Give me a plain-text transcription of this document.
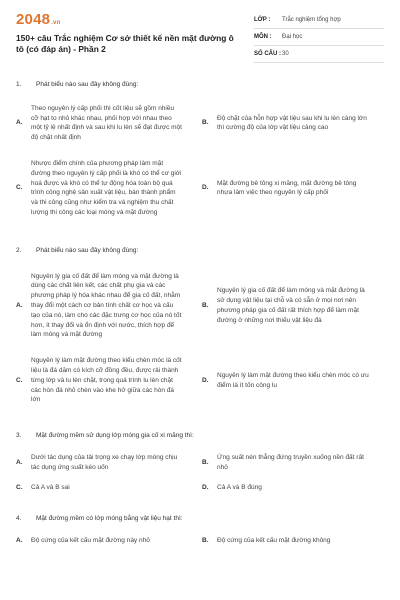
2048.vn
150+ câu Trắc nghiệm Cơ sở thiết kế nền mặt đường ô tô (có đáp án) - Phần 2
LỚP :	Trắc nghiệm tổng hợp
MÔN :	Đại học
SỐ CÂU : 30
1.	Phát biểu nào sau đây không đúng:
A.
Theo nguyên lý cấp phối thì cốt liệu sẽ gồm nhiều cỡ hạt to nhỏ khác nhau, phối hợp với nhau theo một tỷ lệ nhất định và sau khi lu lèn sẽ đạt được một độ chặt nhất định
B.
Độ chặt của hỗn hợp vật liệu sau khi lu lèn càng lớn thì cường độ của lớp vật liệu càng cao
C.
Nhược điểm chính của phương pháp làm mặt đường theo nguyên lý cấp phối là khó có thể cơ giới hoá được và khó có thể tự động hóa toàn bộ quá trình công nghệ sản xuất vật liệu, bán thành phẩm và thi công cũng như kiểm tra và nghiệm thu chất lượng thi công các loại móng và mặt đường
D.
Mặt đường bê tông xi măng, mặt đường bê tông nhựa làm việc theo nguyên lý cấp phối
2.	Phát biểu nào sau đây không đúng:
A.
Nguyên lý gia cố đất để làm móng và mặt đường là dùng các chất liên kết, các chất phụ gia và các phương pháp lý hóa khác nhau để gia cố đất, nhằm thay đổi một cách cơ bản tính chất cơ học và cấu tạo của nó, làm cho các đặc trưng cơ học của nó tốt hơn, ít thay đổi và ổn định với nước, thích hợp để làm móng và mặt đường
B.
Nguyên lý gia cố đất để làm móng và mặt đường là sử dụng vật liệu tại chỗ và có sẵn ở mọi nơi nên phương pháp gia cố đất rất thích hợp để làm mặt đường ở những nơi thiếu vật liệu đá
C.
Nguyên lý làm mặt đường theo kiểu chèn móc là cốt liệu là đá dăm có kích cỡ đồng đều, được rải thành từng lớp và lu lèn chặt, trong quá trình lu lèn chặt các hòn đá nhỏ chèn vào khe hở giữa các hòn đá lớn
D.
Nguyên lý làm mặt đường theo kiểu chèn móc có ưu điểm là ít tốn công lu
3.	Mặt đường mềm sử dụng lớp móng gia cố xi măng thì:
A.
Dưới tác dụng của tải trọng xe chạy lớp móng chịu tác dụng ứng suất kéo uốn
B.
Ứng suất nén thẳng đứng truyền xuống nền đất rất nhỏ
C.	Cả A và B sai	D.	Cả A và B đúng
4.	Mặt đường mềm có lớp móng bằng vật liệu hạt thì:
A.	Độ cứng của kết cấu mặt đường này nhỏ	B.	Độ cứng của kết cấu mặt đường không
